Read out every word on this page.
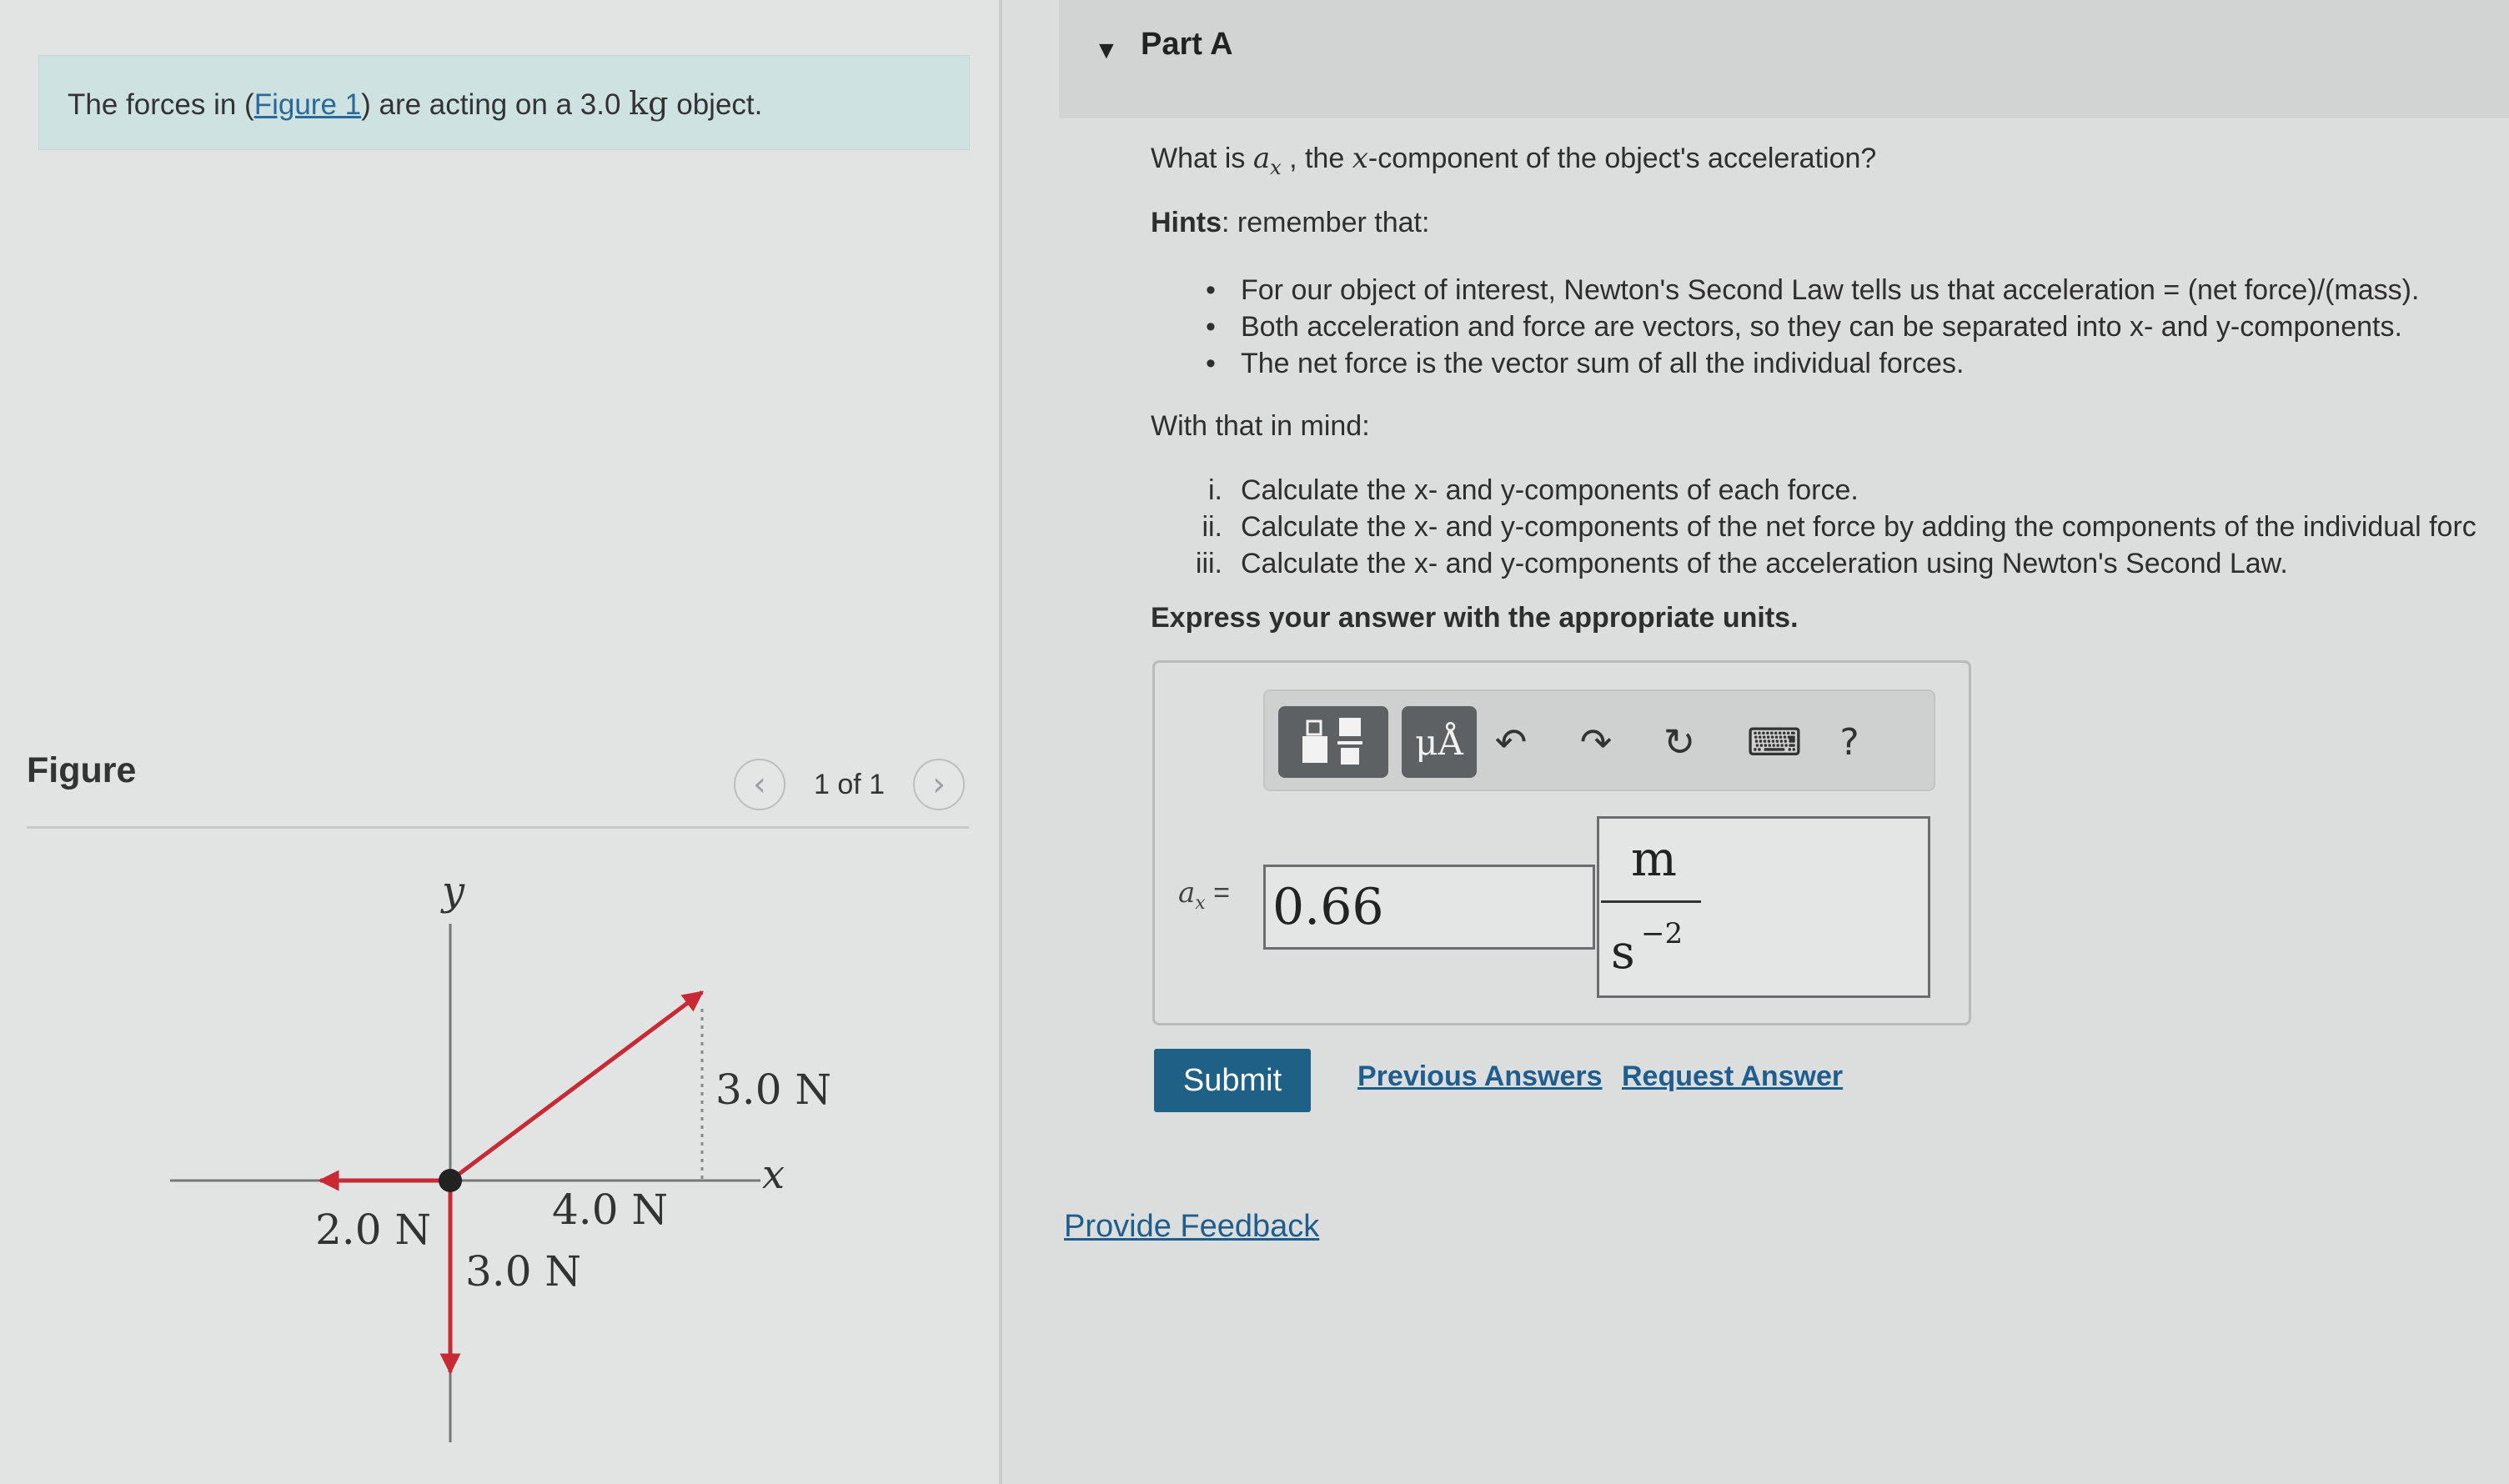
The forces in (Figure 1) are acting on a 3.0 kg object.
Figure	‹ 1 of 1 ›
y
x
2.0 N
3.0 N
4.0 N
3.0 N
▼ Part A
What is $a_x$ , the x-component of the object's acceleration?
Hints: remember that:
• For our object of interest, Newton's Second Law tells us that acceleration = (net force)/(mass).
• Both acceleration and force are vectors, so they can be separated into x- and y-components.
• The net force is the vector sum of all the individual forces.
With that in mind:
i. Calculate the x- and y-components of each force.
ii. Calculate the x- and y-components of the net force by adding the components of the individual forc
iii. Calculate the x- and y-components of the acceleration using Newton's Second Law.
Express your answer with the appropriate units.
μÅ ↶ ↷ ↻ ⌨	?
$a_x = 0.66$
m
s −2
Submit	Previous Answers Request Answer
Provide Feedback
